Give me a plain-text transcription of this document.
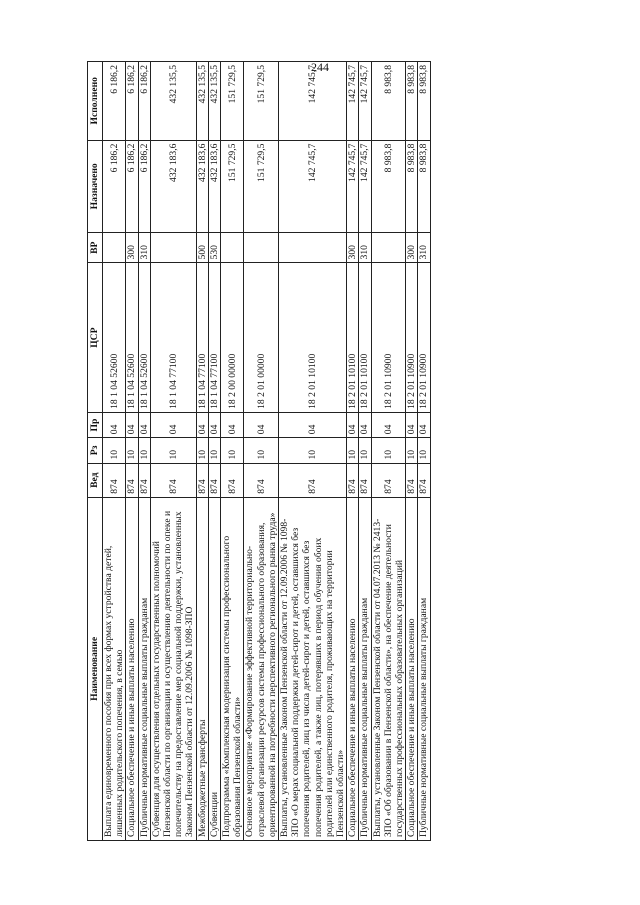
244
Наименование	Вед	Рз	Пр	ЦСР	ВР	Назначено	Исполнено
Выплата единовременного пособия при всех формах устройства детей, лишенных родительского попечения, в семью	874	10	04	18 1 04 52600		6 186,2	6 186,2
Социальное обеспечение и иные выплаты населению	874	10	04	18 1 04 52600	300	6 186,2	6 186,2
Публичные нормативные социальные выплаты гражданам	874	10	04	18 1 04 52600	310	6 186,2	6 186,2
Субвенция для осуществления отдельных государственных полномочий Пензенской области по организации и осуществлению деятельности по опеке и попечительству на предоставление мер социальной поддержки, установленных Законом Пензенской области от 12.09.2006 № 1098-ЗПО	874	10	04	18 1 04 77100		432 183,6	432 135,5
Межбюджетные трансферты	874	10	04	18 1 04 77100	500	432 183,6	432 135,5
Субвенции	874	10	04	18 1 04 77100	530	432 183,6	432 135,5
Подпрограмма «Комплексная модернизация системы профессионального образования Пензенской области»	874	10	04	18 2 00 00000		151 729,5	151 729,5
Основное мероприятие «Формирование эффективной территориально-отраслевой организации ресурсов системы профессионального образования, ориентированной на потребности перспективного регионального рынка труда»	874	10	04	18 2 01 00000		151 729,5	151 729,5
Выплаты, установленные Законом Пензенской области от 12.09.2006 № 1098-ЗПО «О мерах социальной поддержки детей-сирот и детей, оставшихся без попечения родителей, лиц из числа детей-сирот и детей, оставшихся без попечения родителей, а также лиц, потерявших в период обучения обоих родителей или единственного родителя, проживающих на территории Пензенской области»	874	10	04	18 2 01 10100		142 745,7	142 745,7
Социальное обеспечение и иные выплаты населению	874	10	04	18 2 01 10100	300	142 745,7	142 745,7
Публичные нормативные социальные выплаты гражданам	874	10	04	18 2 01 10100	310	142 745,7	142 745,7
Выплаты, установленные Законом Пензенской области от 04.07.2013 № 2413-ЗПО «Об образовании в Пензенской области», на обеспечение деятельности государственных профессиональных образовательных организаций	874	10	04	18 2 01 10900		8 983,8	8 983,8
Социальное обеспечение и иные выплаты населению	874	10	04	18 2 01 10900	300	8 983,8	8 983,8
Публичные нормативные социальные выплаты гражданам	874	10	04	18 2 01 10900	310	8 983,8	8 983,8
